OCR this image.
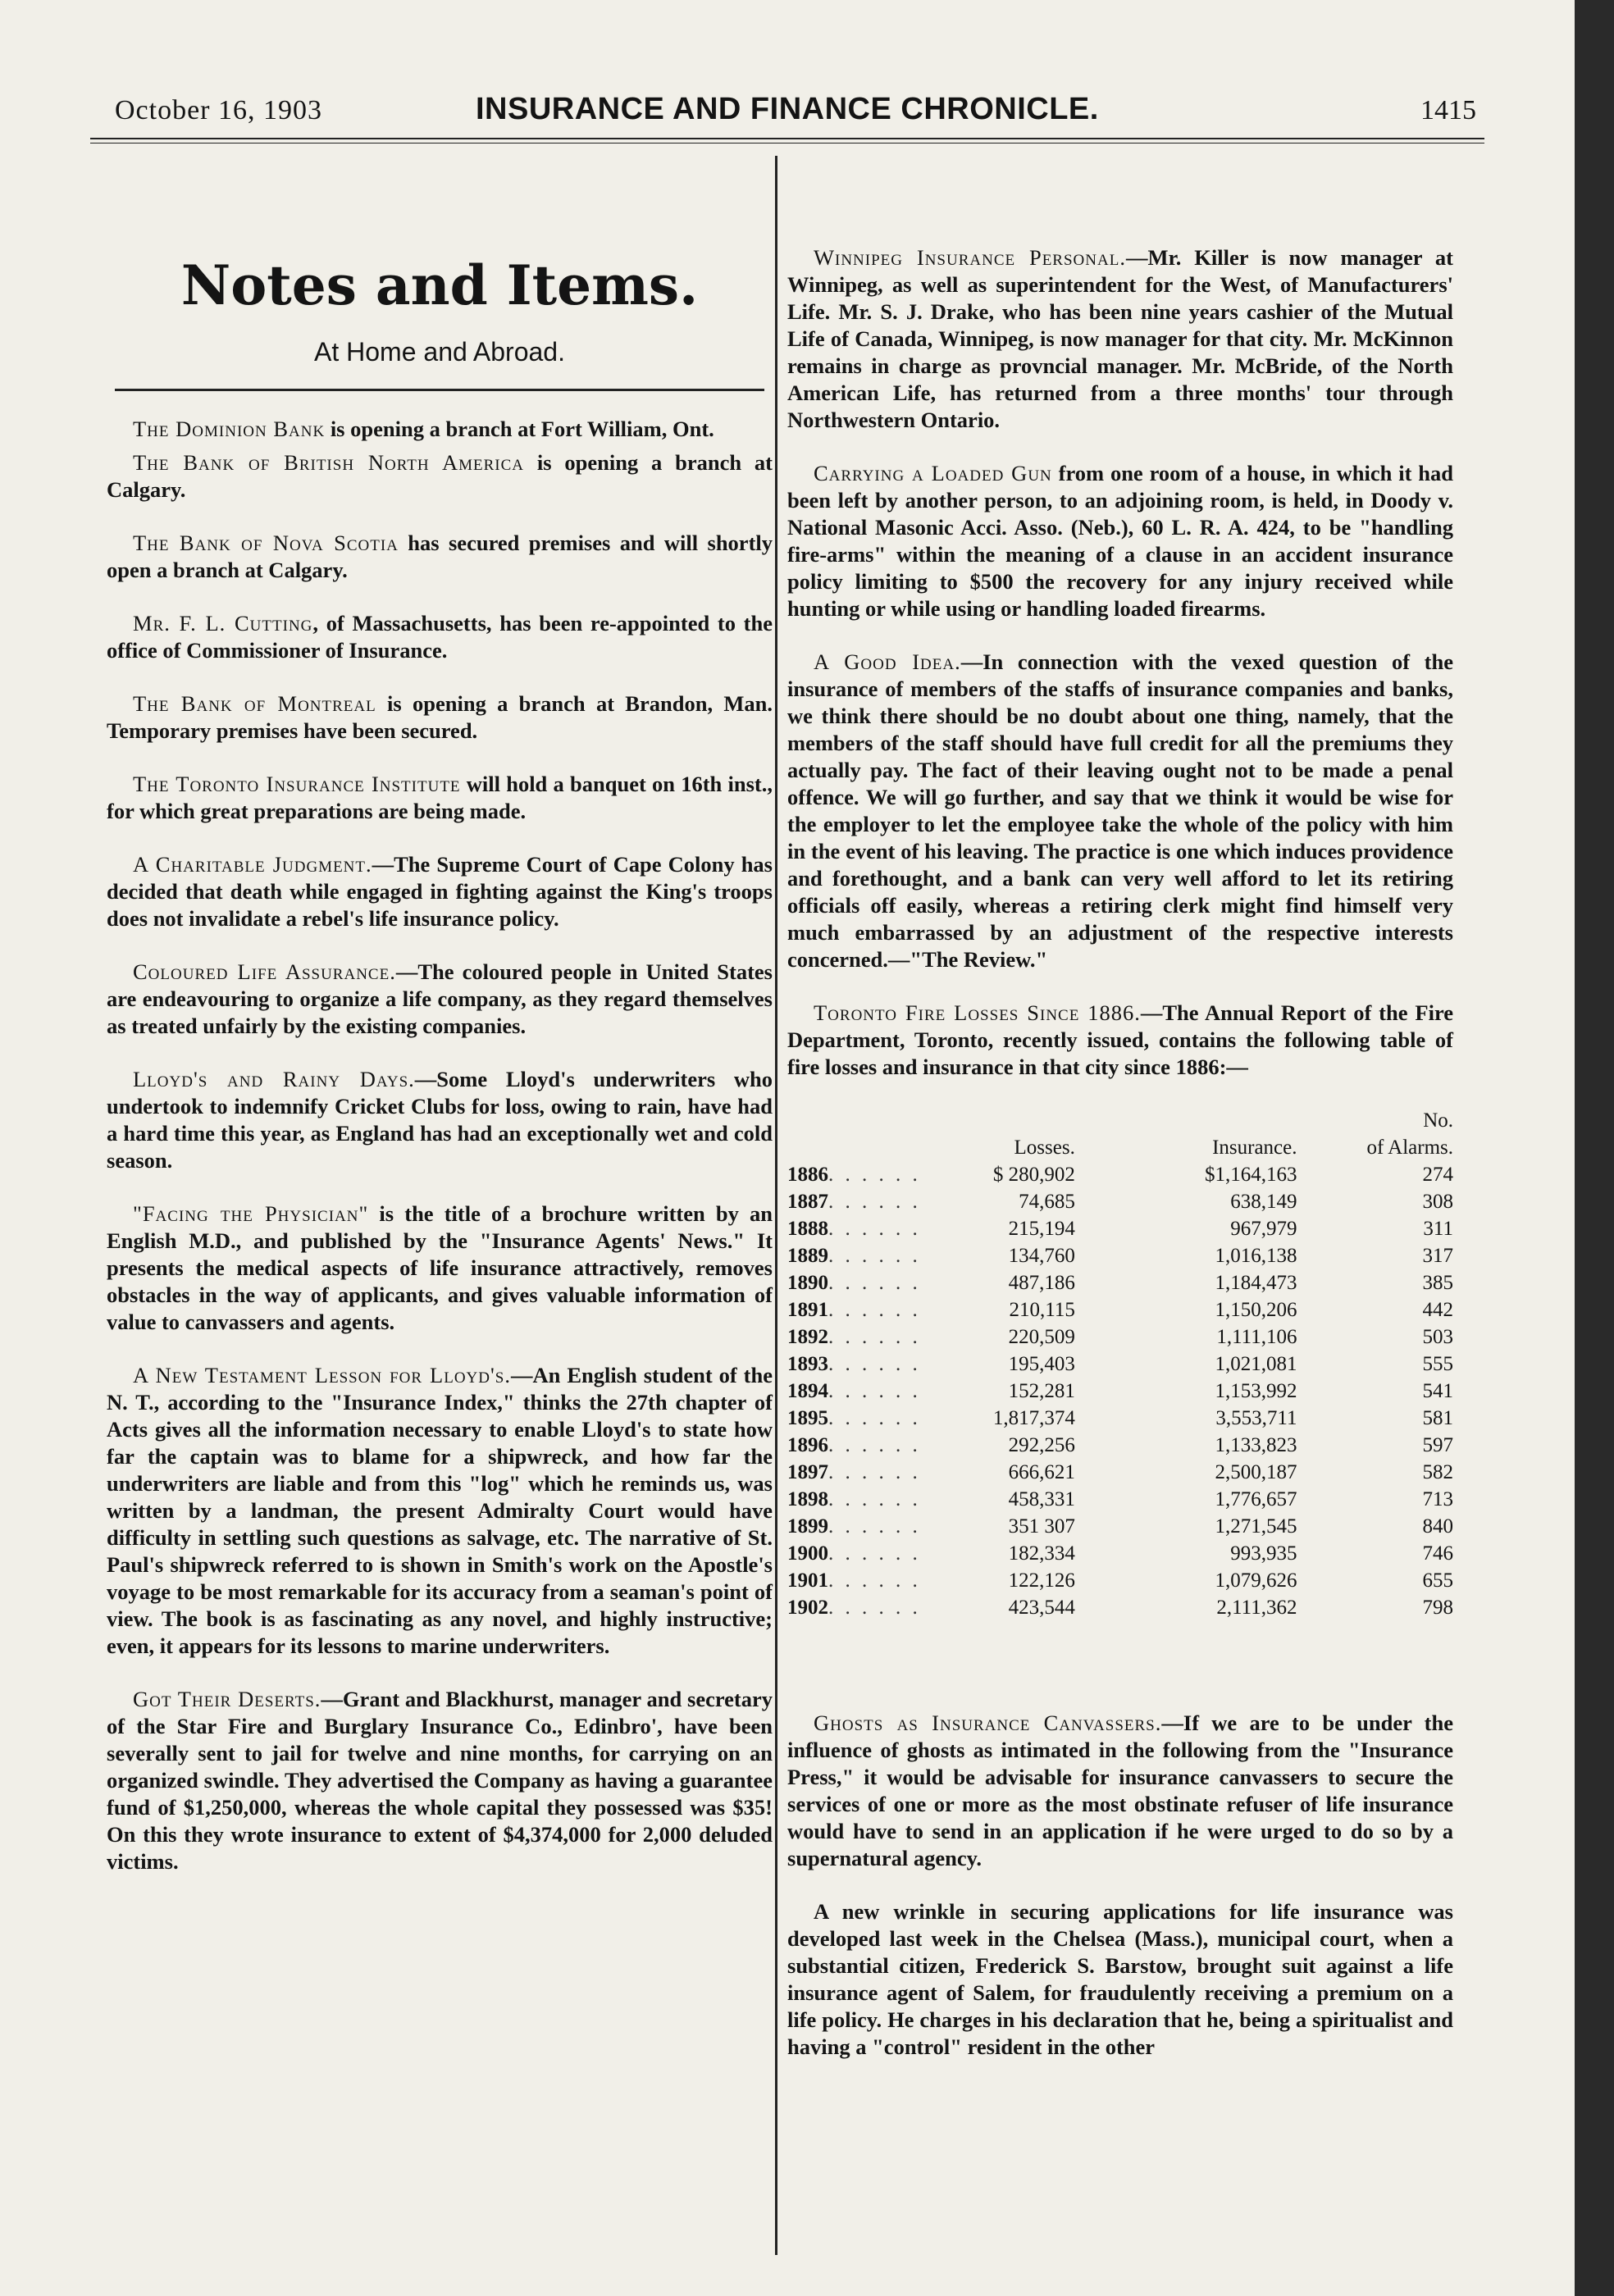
October 16, 1903	INSURANCE AND FINANCE CHRONICLE.	1415
Notes and Items.
At Home and Abroad.

The Dominion Bank is opening a branch at Fort William, Ont.

The Bank of British North America is opening a branch at Calgary.

The Bank of Nova Scotia has secured premises and will shortly open a branch at Calgary.

Mr. F. L. Cutting, of Massachusetts, has been re-appointed to the office of Commissioner of Insurance.

The Bank of Montreal is opening a branch at Brandon, Man. Temporary premises have been secured.

The Toronto Insurance Institute will hold a banquet on 16th inst., for which great preparations are being made.

A Charitable Judgment.—The Supreme Court of Cape Colony has decided that death while engaged in fighting against the King's troops does not invalidate a rebel's life insurance policy.

Coloured Life Assurance.—The coloured people in United States are endeavouring to organize a life company, as they regard themselves as treated unfairly by the existing companies.

Lloyd's and Rainy Days.—Some Lloyd's underwriters who undertook to indemnify Cricket Clubs for loss, owing to rain, have had a hard time this year, as England has had an exceptionally wet and cold season.

"Facing the Physician" is the title of a brochure written by an English M.D., and published by the "Insurance Agents' News." It presents the medical aspects of life insurance attractively, removes obstacles in the way of applicants, and gives valuable information of value to canvassers and agents.

A New Testament Lesson for Lloyd's.—An English student of the N. T., according to the "Insurance Index," thinks the 27th chapter of Acts gives all the information necessary to enable Lloyd's to state how far the captain was to blame for a shipwreck, and how far the underwriters are liable and from this "log" which he reminds us, was written by a landman, the present Admiralty Court would have difficulty in settling such questions as salvage, etc. The narrative of St. Paul's shipwreck referred to is shown in Smith's work on the Apostle's voyage to be most remarkable for its accuracy from a seaman's point of view. The book is as fascinating as any novel, and highly instructive; even, it appears for its lessons to marine underwriters.

Got Their Deserts.—Grant and Blackhurst, manager and secretary of the Star Fire and Burglary Insurance Co., Edinbro', have been severally sent to jail for twelve and nine months, for carrying on an organized swindle. They advertised the Company as having a guarantee fund of $1,250,000, whereas the whole capital they possessed was $35! On this they wrote insurance to extent of $4,374,000 for 2,000 deluded victims.

Winnipeg Insurance Personal.—Mr. Killer is now manager at Winnipeg, as well as superintendent for the West, of Manufacturers' Life. Mr. S. J. Drake, who has been nine years cashier of the Mutual Life of Canada, Winnipeg, is now manager for that city. Mr. McKinnon remains in charge as provncial manager. Mr. McBride, of the North American Life, has returned from a three months' tour through Northwestern Ontario.

Carrying a Loaded Gun from one room of a house, in which it had been left by another person, to an adjoining room, is held, in Doody v. National Masonic Acci. Asso. (Neb.), 60 L. R. A. 424, to be "handling fire-arms" within the meaning of a clause in an accident insurance policy limiting to $500 the recovery for any injury received while hunting or while using or handling loaded firearms.

A Good Idea.—In connection with the vexed question of the insurance of members of the staffs of insurance companies and banks, we think there should be no doubt about one thing, namely, that the members of the staff should have full credit for all the premiums they actually pay. The fact of their leaving ought not to be made a penal offence. We will go further, and say that we think it would be wise for the employer to let the employee take the whole of the policy with him in the event of his leaving. The practice is one which induces providence and forethought, and a bank can very well afford to let its retiring officials off easily, whereas a retiring clerk might find himself very much embarrassed by an adjustment of the respective interests concerned.—"The Review."

Toronto Fire Losses Since 1886.—The Annual Report of the Fire Department, Toronto, recently issued, contains the following table of fire losses and insurance in that city since 1886:—

			No.
	Losses.	Insurance.	of Alarms.
1886. . . . . .	$ 280,902	$1,164,163	274
1887. . . . . .	74,685	638,149	308
1888. . . . . .	215,194	967,979	311
1889. . . . . .	134,760	1,016,138	317
1890. . . . . .	487,186	1,184,473	385
1891. . . . . .	210,115	1,150,206	442
1892. . . . . .	220,509	1,111,106	503
1893. . . . . .	195,403	1,021,081	555
1894. . . . . .	152,281	1,153,992	541
1895. . . . . .	1,817,374	3,553,711	581
1896. . . . . .	292,256	1,133,823	597
1897. . . . . .	666,621	2,500,187	582
1898. . . . . .	458,331	1,776,657	713
1899. . . . . .	351 307	1,271,545	840
1900. . . . . .	182,334	993,935	746
1901. . . . . .	122,126	1,079,626	655
1902. . . . . .	423,544	2,111,362	798

Ghosts as Insurance Canvassers.—If we are to be under the influence of ghosts as intimated in the following from the "Insurance Press," it would be advisable for insurance canvassers to secure the services of one or more as the most obstinate refuser of life insurance would have to send in an application if he were urged to do so by a supernatural agency.

A new wrinkle in securing applications for life insurance was developed last week in the Chelsea (Mass.), municipal court, when a substantial citizen, Frederick S. Barstow, brought suit against a life insurance agent of Salem, for fraudulently receiving a premium on a life policy. He charges in his declaration that he, being a spiritualist and having a "control" resident in the other
